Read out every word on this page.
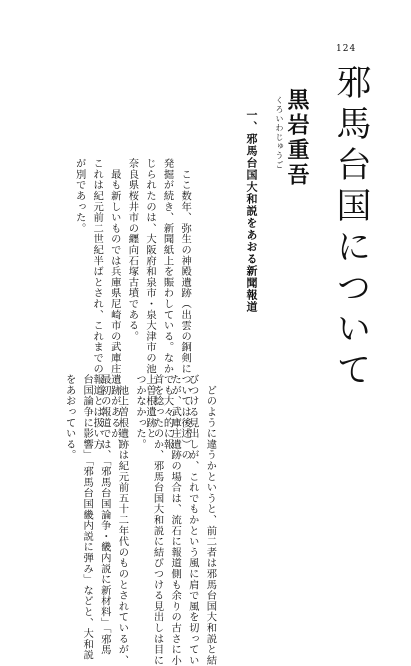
124
邪馬台国について
黒岩重吾
くろいわじゅうご
一、邪馬台国大和説をあおる新聞報道

　ここ数年、弥生の神殿遺跡（出雲の銅剣については後述）の

発掘が続き、新聞紙上を賑わしている。なかでも大々的に報

じられたのは、大阪府和泉市・泉大津市の池上曽根遺跡と

奈良県桜井市の纒向石塚古墳である。

　最も新しいものでは兵庫県尼崎市の武庫庄遺跡があるが、

これは紀元前二世紀半ばとされ、これまでの報道とは扱い方

が別であった。

　どのように違うかというと、前二者は邪馬台国大和説と結

びつける見出しが、これでもかという風に肩で風を切ってい

たが、武庫庄遺跡の場合は、流石に報道側も余りの古さに小

首を捻ったのか、邪馬台国大和説に結びつける見出しは目に

つかなかった。

　池上曽根遺跡は紀元前五十二年代のものとされているが、

最初の報道では、「邪馬台国論争・畿内説に新材料」「邪馬

台国論争に影響」「邪馬台国畿内説に弾み」などと、大和説

をあおっている。
